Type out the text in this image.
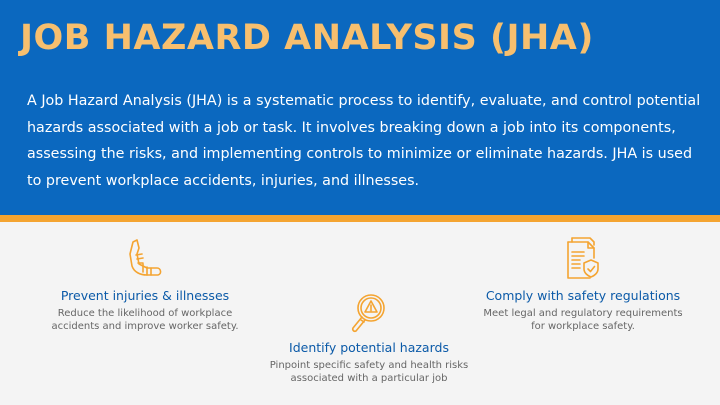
JOB HAZARD ANALYSIS (JHA)

A Job Hazard Analysis (JHA) is a systematic process to identify, evaluate, and control potential hazards associated with a job or task. It involves breaking down a job into its components, assessing the risks, and implementing controls to minimize or eliminate hazards. JHA is used to prevent workplace accidents, injuries, and illnesses.

Prevent injuries & illnesses
Reduce the likelihood of workplace accidents and improve worker safety.
Identify potential hazards
Pinpoint specific safety and health risks associated with a particular job
Comply with safety regulations
Meet legal and regulatory requirements for workplace safety.
